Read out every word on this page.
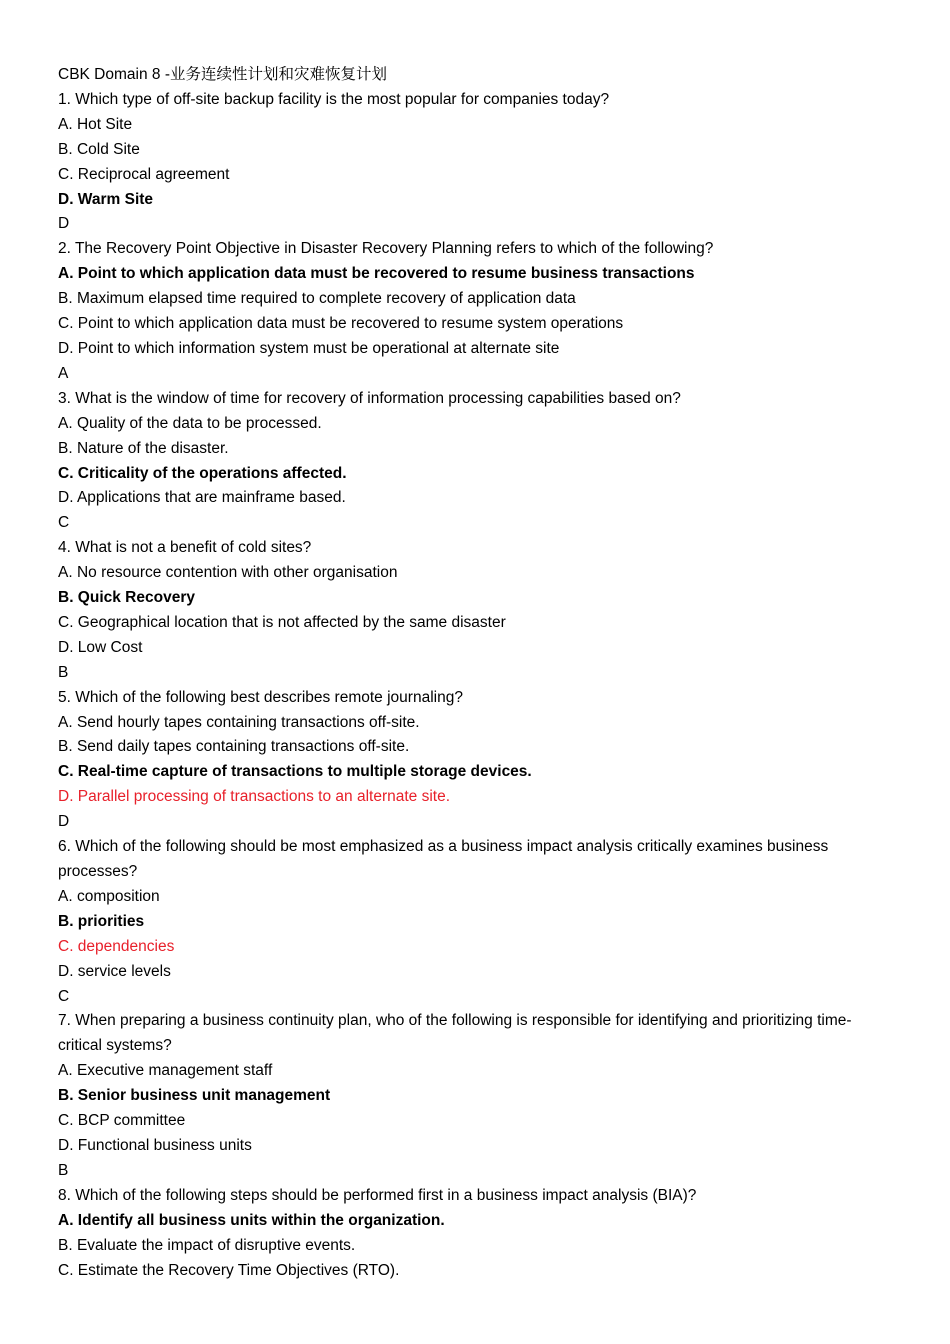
CBK Domain 8 -业务连续性计划和灾难恢复计划
1. Which type of off-site backup facility is the most popular for companies today?
A. Hot Site
B. Cold Site
C. Reciprocal agreement
D. Warm Site
D
2. The Recovery Point Objective in Disaster Recovery Planning refers to which of the following?
A. Point to which application data must be recovered to resume business transactions
B. Maximum elapsed time required to complete recovery of application data
C. Point to which application data must be recovered to resume system operations
D. Point to which information system must be operational at alternate site
A
3. What is the window of time for recovery of information processing capabilities based on?
A. Quality of the data to be processed.
B. Nature of the disaster.
C. Criticality of the operations affected.
D. Applications that are mainframe based.
C
4. What is not a benefit of cold sites?
A. No resource contention with other organisation
B. Quick Recovery
C. Geographical location that is not affected by the same disaster
D. Low Cost
B
5. Which of the following best describes remote journaling?
A. Send hourly tapes containing transactions off-site.
B. Send daily tapes containing transactions off-site.
C. Real-time capture of transactions to multiple storage devices.
D. Parallel processing of transactions to an alternate site.
D
6. Which of the following should be most emphasized as a business impact analysis critically examines business processes?
A. composition
B. priorities
C. dependencies
D. service levels
C
7. When preparing a business continuity plan, who of the following is responsible for identifying and prioritizing time-critical systems?
A. Executive management staff
B. Senior business unit management
C. BCP committee
D. Functional business units
B
8. Which of the following steps should be performed first in a business impact analysis (BIA)?
A. Identify all business units within the organization.
B. Evaluate the impact of disruptive events.
C. Estimate the Recovery Time Objectives (RTO).
